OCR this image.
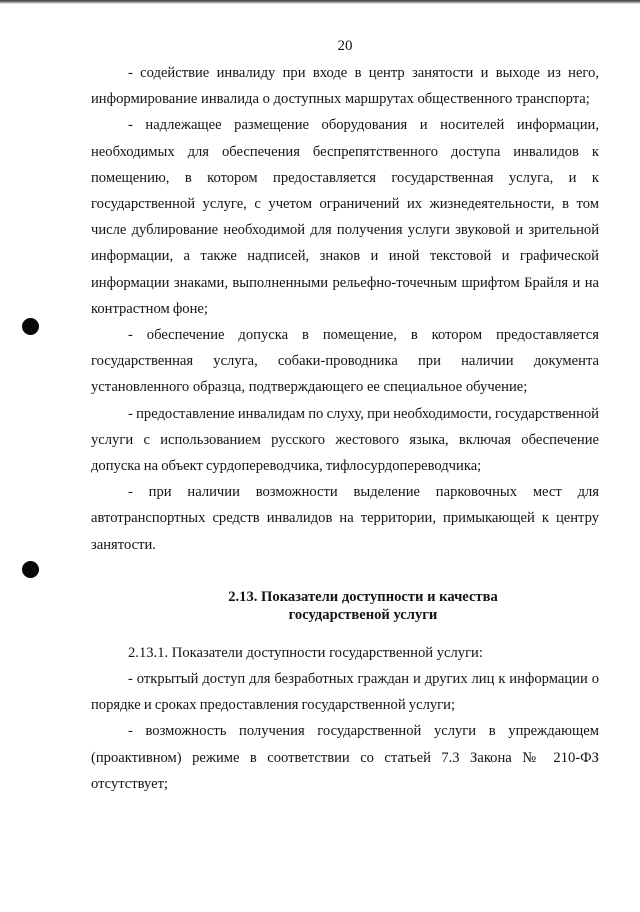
20

- содействие инвалиду при входе в центр занятости и выходе из него, информирование инвалида о доступных маршрутах общественного транспорта;

- надлежащее размещение оборудования и носителей информации, необходимых для обеспечения беспрепятственного доступа инвалидов к помещению, в котором предоставляется государственная услуга, и к государственной услуге, с учетом ограничений их жизнедеятельности, в том числе дублирование необходимой для получения услуги звуковой и зрительной информации, а также надписей, знаков и иной текстовой и графической информации знаками, выполненными рельефно-точечным шрифтом Брайля и на контрастном фоне;

- обеспечение допуска в помещение, в котором предоставляется государственная услуга, собаки-проводника при наличии документа установленного образца, подтверждающего ее специальное обучение;

- предоставление инвалидам по слуху, при необходимости, государственной услуги с использованием русского жестового языка, включая обеспечение допуска на объект сурдопереводчика, тифлосурдопереводчика;

- при наличии возможности выделение парковочных мест для автотранспортных средств инвалидов на территории, примыкающей к центру занятости.

2.13. Показатели доступности и качества
государственой услуги

2.13.1. Показатели доступности государственной услуги:

- открытый доступ для безработных граждан и других лиц к информации о порядке и сроках предоставления государственной услуги;

- возможность получения государственной услуги в упреждающем (проактивном) режиме в соответствии со статьей 7.3 Закона № 210-ФЗ отсутствует;
